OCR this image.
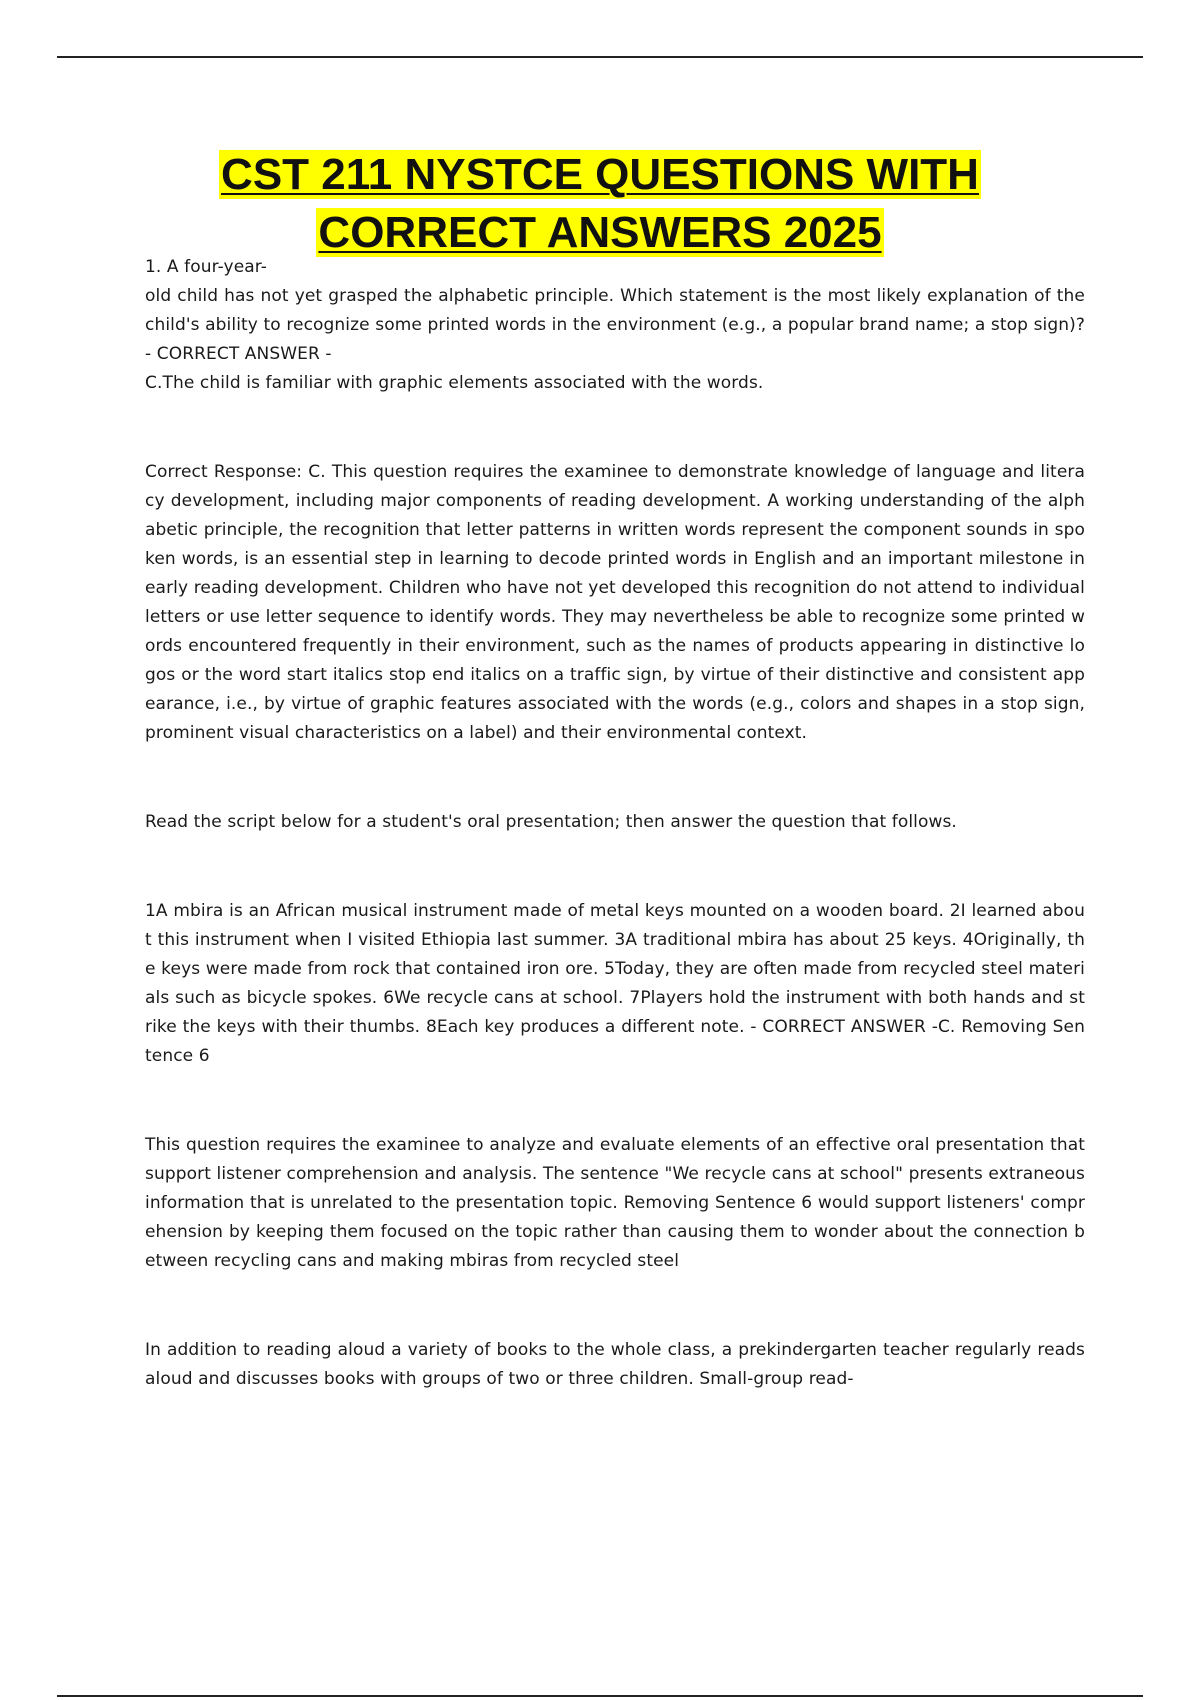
CST 211 NYSTCE QUESTIONS WITH
CORRECT ANSWERS 2025

1. A four-year-

old child has not yet grasped the alphabetic principle. Which statement is the most likely explanation of the child's ability to recognize some printed words in the environment (e.g., a popular brand name; a stop sign)? - CORRECT ANSWER -

C.The child is familiar with graphic elements associated with the words.

Correct Response: C. This question requires the examinee to demonstrate knowledge of language and literacy development, including major components of reading development. A working understanding of the alphabetic principle, the recognition that letter patterns in written words represent the component sounds in spoken words, is an essential step in learning to decode printed words in English and an important milestone in early reading development. Children who have not yet developed this recognition do not attend to individual letters or use letter sequence to identify words. They may nevertheless be able to recognize some printed words encountered frequently in their environment, such as the names of products appearing in distinctive logos or the word start italics stop end italics on a traffic sign, by virtue of their distinctive and consistent appearance, i.e., by virtue of graphic features associated with the words (e.g., colors and shapes in a stop sign, prominent visual characteristics on a label) and their environmental context.

Read the script below for a student's oral presentation; then answer the question that follows.

1A mbira is an African musical instrument made of metal keys mounted on a wooden board. 2I learned about this instrument when I visited Ethiopia last summer. 3A traditional mbira has about 25 keys. 4Originally, the keys were made from rock that contained iron ore. 5Today, they are often made from recycled steel materials such as bicycle spokes. 6We recycle cans at school. 7Players hold the instrument with both hands and strike the keys with their thumbs. 8Each key produces a different note. - CORRECT ANSWER -C. Removing Sentence 6

This question requires the examinee to analyze and evaluate elements of an effective oral presentation that support listener comprehension and analysis. The sentence "We recycle cans at school" presents extraneous information that is unrelated to the presentation topic. Removing Sentence 6 would support listeners' comprehension by keeping them focused on the topic rather than causing them to wonder about the connection between recycling cans and making mbiras from recycled steel

In addition to reading aloud a variety of books to the whole class, a prekindergarten teacher regularly reads aloud and discusses books with groups of two or three children. Small-group read-
